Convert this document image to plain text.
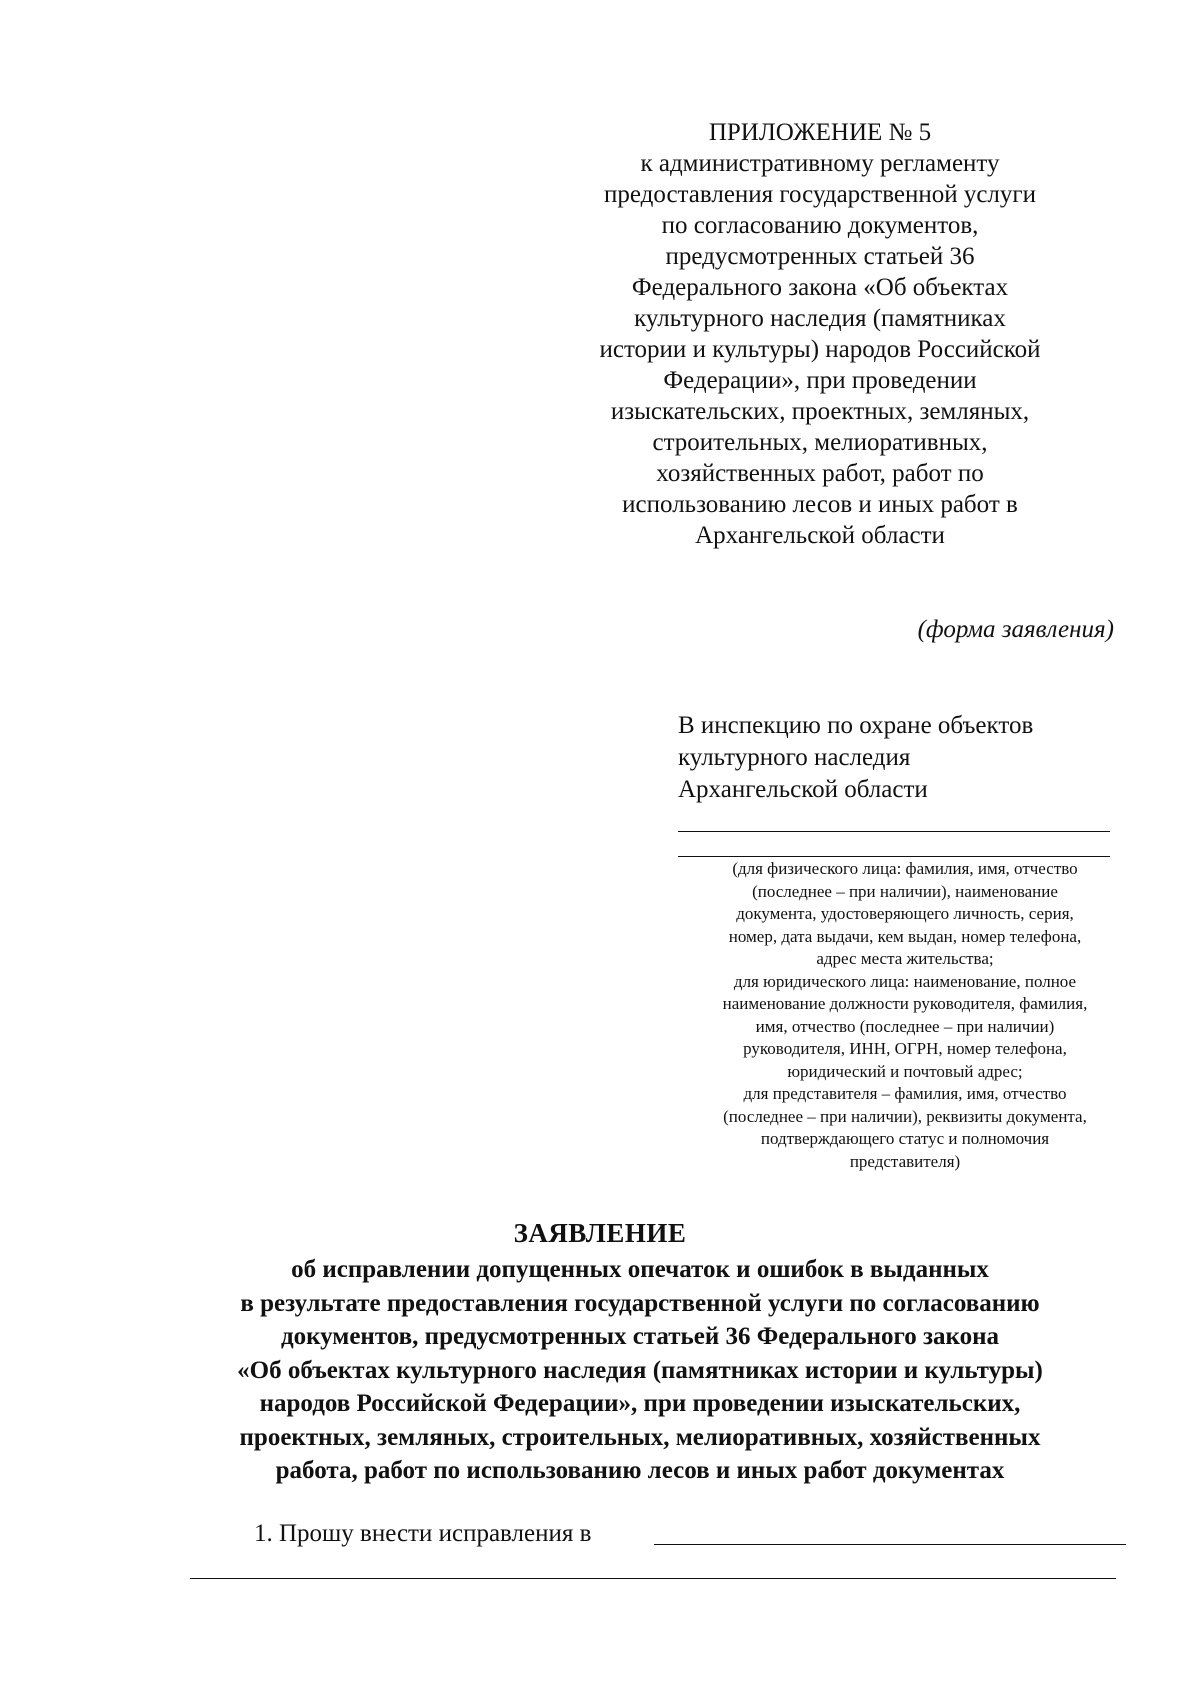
ПРИЛОЖЕНИЕ № 5
к административному регламенту
предоставления государственной услуги
по согласованию документов,
предусмотренных статьей 36
Федерального закона «Об объектах
культурного наследия (памятниках
истории и культуры) народов Российской
Федерации», при проведении
изыскательских, проектных, земляных,
строительных, мелиоративных,
хозяйственных работ, работ по
использованию лесов и иных работ в
Архангельской области
(форма заявления)
В инспекцию по охране объектов
культурного наследия
Архангельской области
(для физического лица: фамилия, имя, отчество
(последнее – при наличии), наименование
документа, удостоверяющего личность, серия,
номер, дата выдачи, кем выдан, номер телефона,
адрес места жительства;
для юридического лица: наименование, полное
наименование должности руководителя, фамилия,
имя, отчество (последнее – при наличии)
руководителя, ИНН, ОГРН, номер телефона,
юридический и почтовый адрес;
для представителя – фамилия, имя, отчество
(последнее – при наличии), реквизиты документа,
подтверждающего статус и полномочия
представителя)
ЗАЯВЛЕНИЕ
об исправлении допущенных опечаток и ошибок в выданных
в результате предоставления государственной услуги по согласованию
документов, предусмотренных статьей 36 Федерального закона
«Об объектах культурного наследия (памятниках истории и культуры)
народов Российской Федерации», при проведении изыскательских,
проектных, земляных, строительных, мелиоративных, хозяйственных
работа, работ по использованию лесов и иных работ документах
1. Прошу внести исправления в
